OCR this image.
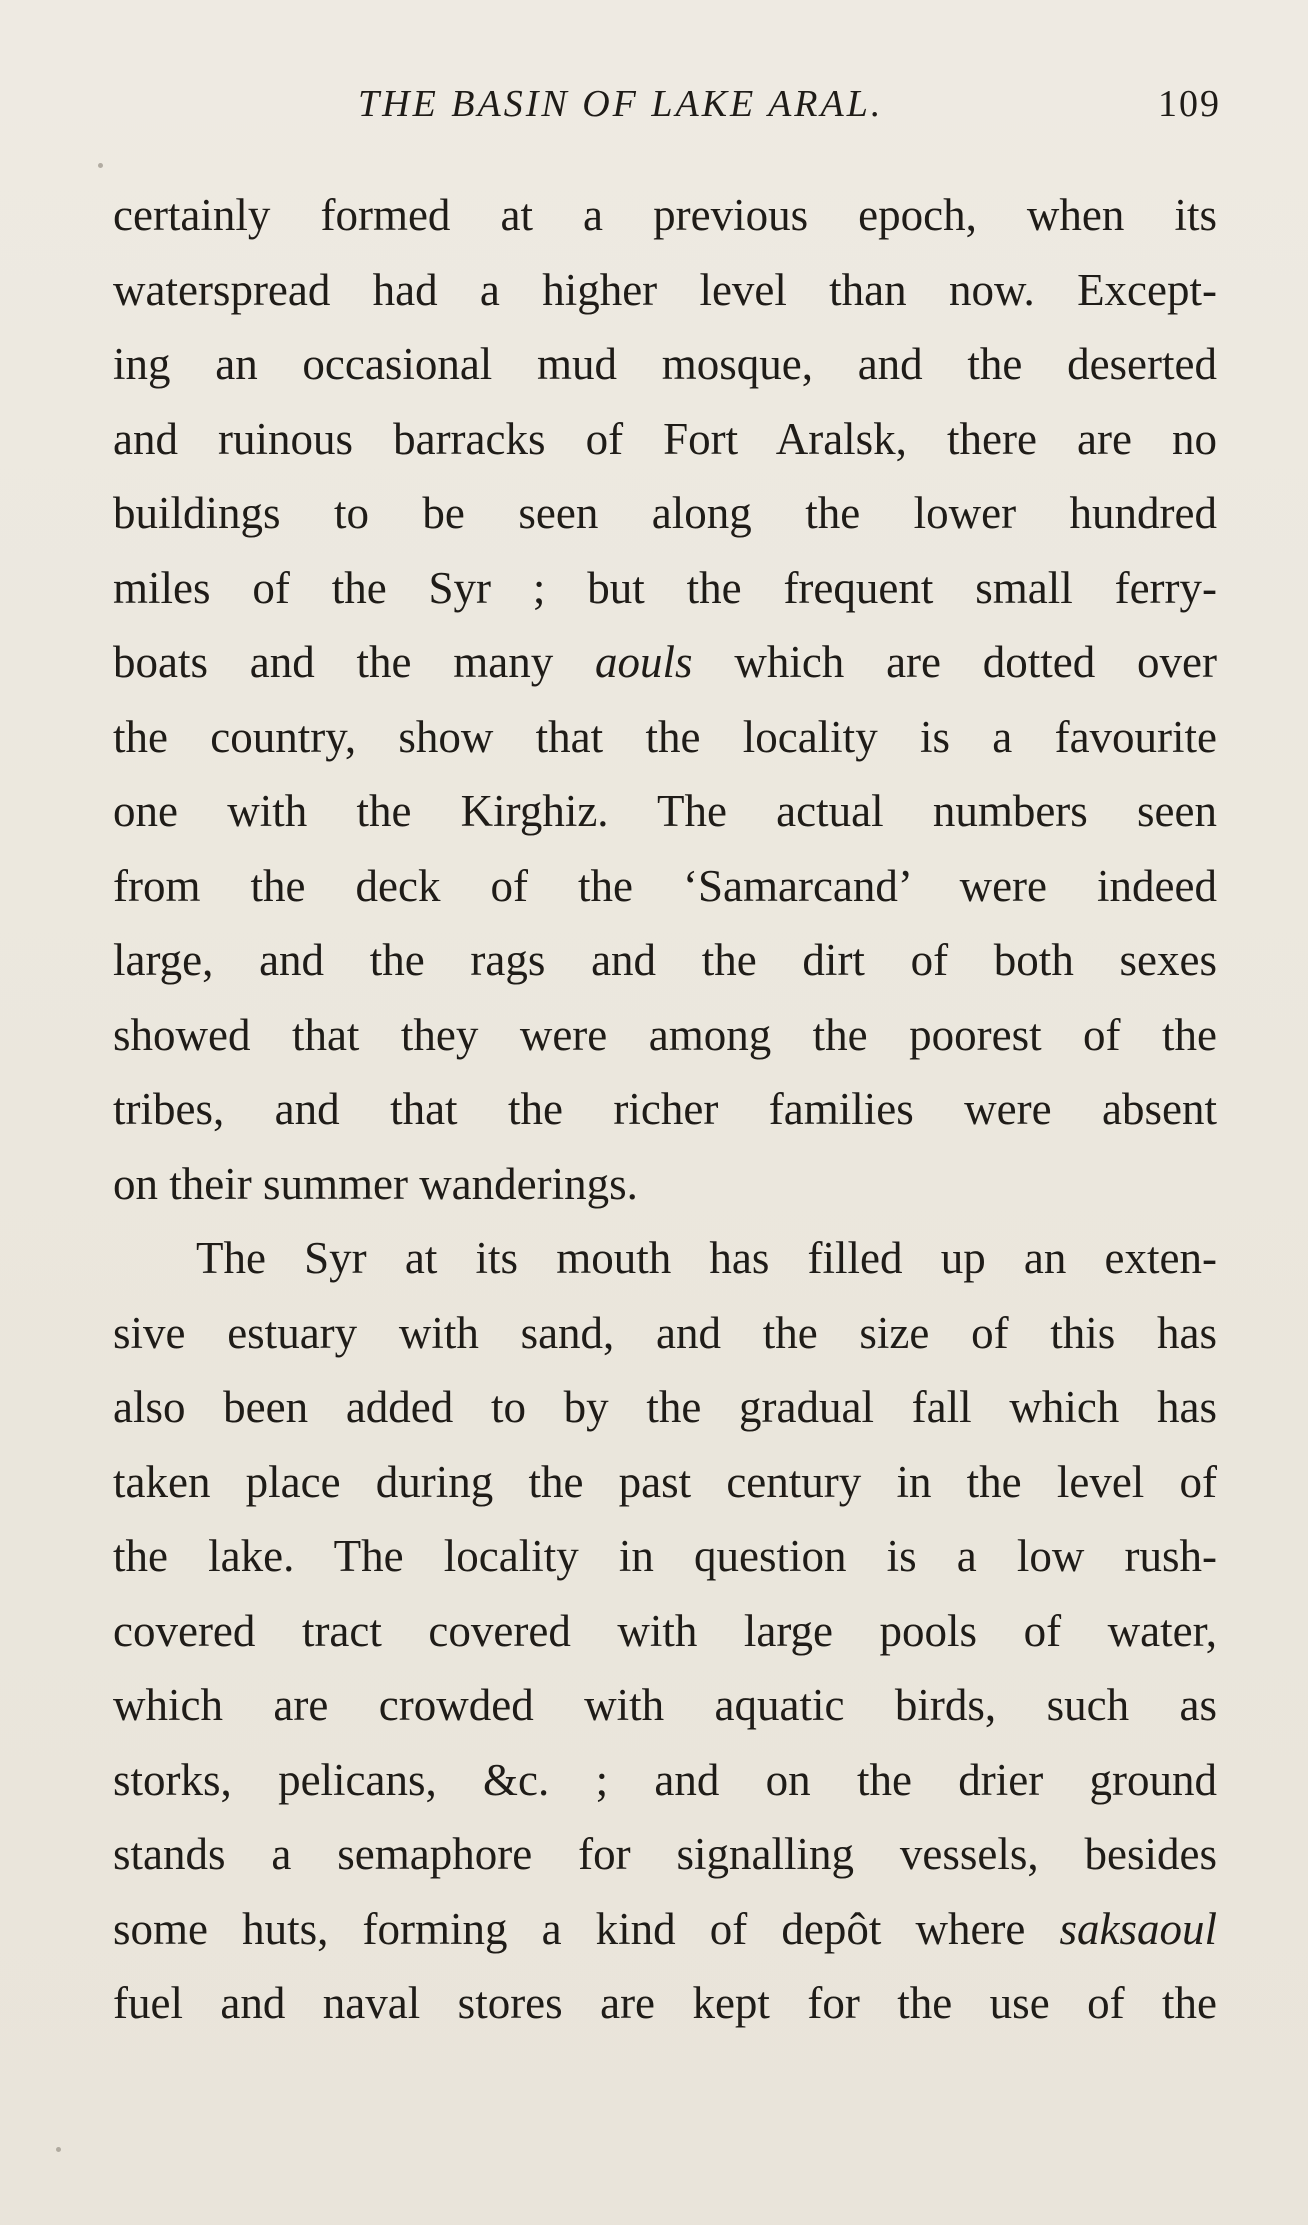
THE BASIN OF LAKE ARAL.	109
certainly formed at a previous epoch, when its
waterspread had a higher level than now. Except-
ing an occasional mud mosque, and the deserted
and ruinous barracks of Fort Aralsk, there are no
buildings to be seen along the lower hundred
miles of the Syr ; but the frequent small ferry-
boats and the many aouls which are dotted over
the country, show that the locality is a favourite
one with the Kirghiz. The actual numbers seen
from the deck of the ‘Samarcand’ were indeed
large, and the rags and the dirt of both sexes
showed that they were among the poorest of the
tribes, and that the richer families were absent
on their summer wanderings.
The Syr at its mouth has filled up an exten-
sive estuary with sand, and the size of this has
also been added to by the gradual fall which has
taken place during the past century in the level of
the lake. The locality in question is a low rush-
covered tract covered with large pools of water,
which are crowded with aquatic birds, such as
storks, pelicans, &c. ; and on the drier ground
stands a semaphore for signalling vessels, besides
some huts, forming a kind of depôt where saksaoul
fuel and naval stores are kept for the use of the
